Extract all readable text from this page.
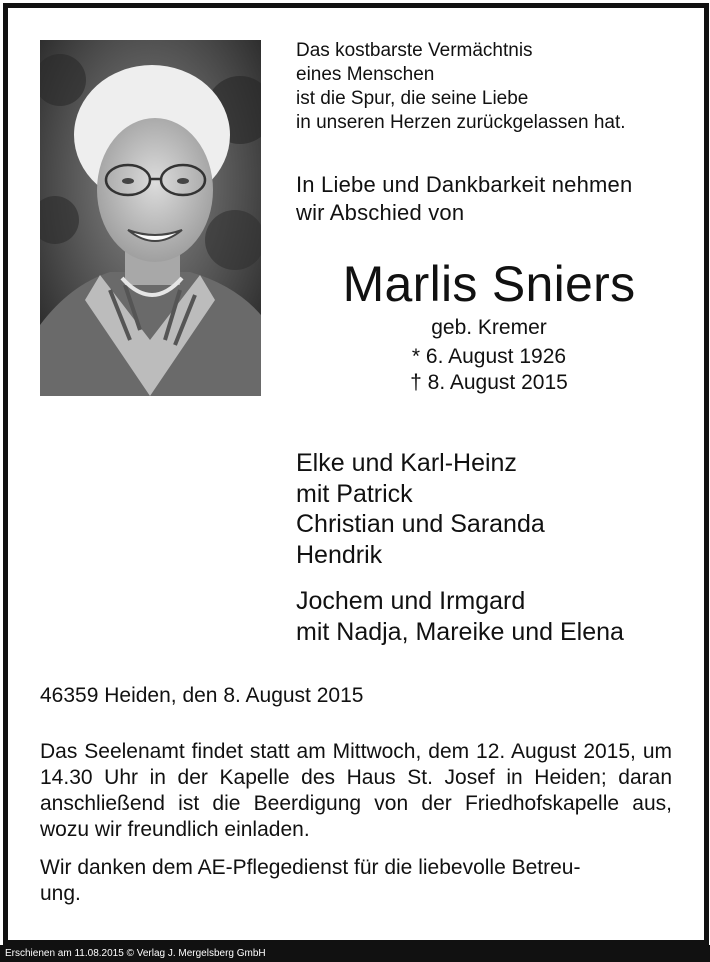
Das kostbarste Vermächtnis
eines Menschen
ist die Spur, die seine Liebe
in unseren Herzen zurückgelassen hat.
In Liebe und Dankbarkeit nehmen
wir Abschied von
Marlis Sniers
geb. Kremer
* 6. August 1926
† 8. August 2015
Elke und Karl-Heinz
mit Patrick
Christian und Saranda
Hendrik
Jochem und Irmgard
mit Nadja, Mareike und Elena
46359 Heiden, den 8. August 2015
Das Seelenamt findet statt am Mittwoch, dem 12. August 2015, um 14.30 Uhr in der Kapelle des Haus St. Josef in Heiden; daran anschließend ist die Beerdigung von der Friedhofskapelle aus, wozu wir freundlich einladen.
Wir danken dem AE-Pflegedienst für die liebevolle Betreu-
ung.
Erschienen am 11.08.2015 © Verlag J. Mergelsberg GmbH
